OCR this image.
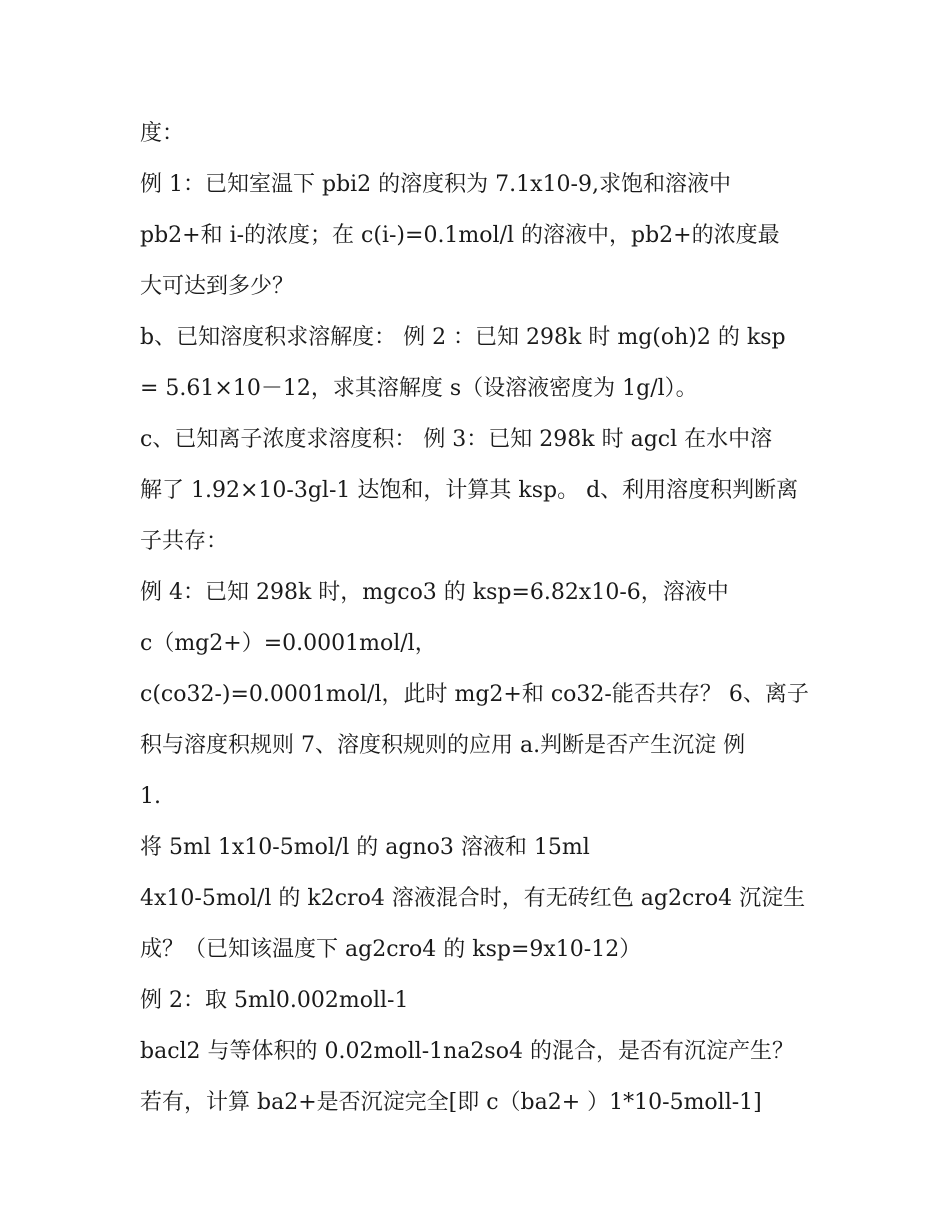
度：
例 1：已知室温下 pbi2 的溶度积为 7.1x10-9,求饱和溶液中
pb2+和 i-的浓度；在 c(i-)=0.1mol/l 的溶液中，pb2+的浓度最
大可达到多少？
b、已知溶度积求溶解度： 例 2 ：已知 298k 时 mg(oh)2 的 ksp
= 5.61×10－12，求其溶解度 s（设溶液密度为 1g/l）。
c、已知离子浓度求溶度积： 例 3：已知 298k 时 agcl 在水中溶
解了 1.92×10-3gl-1 达饱和，计算其 ksp。 d、利用溶度积判断离
子共存：
例 4：已知 298k 时，mgco3 的 ksp=6.82x10-6，溶液中
c（mg2+）=0.0001mol/l，
c(co32-)=0.0001mol/l，此时 mg2+和 co32-能否共存？ 6、离子
积与溶度积规则 7、溶度积规则的应用 a.判断是否产生沉淀 例
1.
将 5ml 1x10-5mol/l 的 agno3 溶液和 15ml
4x10-5mol/l 的 k2cro4 溶液混合时，有无砖红色 ag2cro4 沉淀生
成？（已知该温度下 ag2cro4 的 ksp=9x10-12）
例 2：取 5ml0.002moll-1
bacl2 与等体积的 0.02moll-1na2so4 的混合，是否有沉淀产生？
若有，计算 ba2+是否沉淀完全[即 c（ba2+ ）1*10-5moll-1]
